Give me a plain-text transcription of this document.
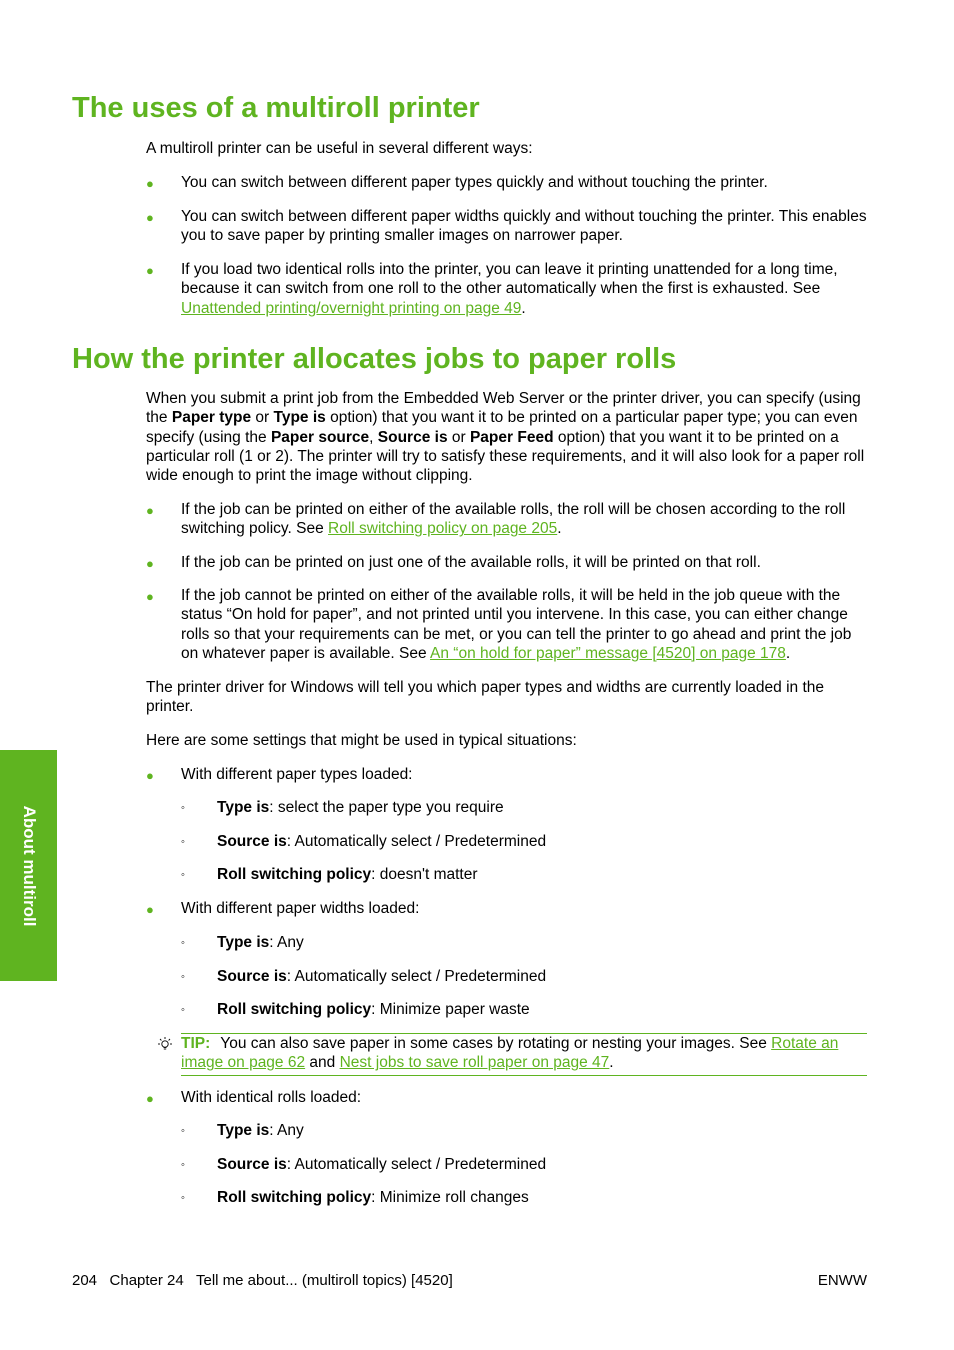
The uses of a multiroll printer

A multiroll printer can be useful in several different ways:

● You can switch between different paper types quickly and without touching the printer.

● You can switch between different paper widths quickly and without touching the printer. This enables you to save paper by printing smaller images on narrower paper.

● If you load two identical rolls into the printer, you can leave it printing unattended for a long time, because it can switch from one roll to the other automatically when the first is exhausted. See Unattended printing/overnight printing on page 49.

How the printer allocates jobs to paper rolls

When you submit a print job from the Embedded Web Server or the printer driver, you can specify (using the Paper type or Type is option) that you want it to be printed on a particular paper type; you can even specify (using the Paper source, Source is or Paper Feed option) that you want it to be printed on a particular roll (1 or 2). The printer will try to satisfy these requirements, and it will also look for a paper roll wide enough to print the image without clipping.

● If the job can be printed on either of the available rolls, the roll will be chosen according to the roll switching policy. See Roll switching policy on page 205.

● If the job can be printed on just one of the available rolls, it will be printed on that roll.

● If the job cannot be printed on either of the available rolls, it will be held in the job queue with the status “On hold for paper”, and not printed until you intervene. In this case, you can either change rolls so that your requirements can be met, or you can tell the printer to go ahead and print the job on whatever paper is available. See An “on hold for paper” message [4520] on page 178.

The printer driver for Windows will tell you which paper types and widths are currently loaded in the printer.

Here are some settings that might be used in typical situations:

● With different paper types loaded:

◦ Type is: select the paper type you require

◦ Source is: Automatically select / Predetermined

◦ Roll switching policy: doesn't matter

● With different paper widths loaded:

◦ Type is: Any

◦ Source is: Automatically select / Predetermined

◦ Roll switching policy: Minimize paper waste

TIP: You can also save paper in some cases by rotating or nesting your images. See Rotate an image on page 62 and Nest jobs to save roll paper on page 47.
● With identical rolls loaded:

◦ Type is: Any

◦ Source is: Automatically select / Predetermined

◦ Roll switching policy: Minimize roll changes

About multiroll
204   Chapter 24   Tell me about... (multiroll topics) [4520]	ENWW
